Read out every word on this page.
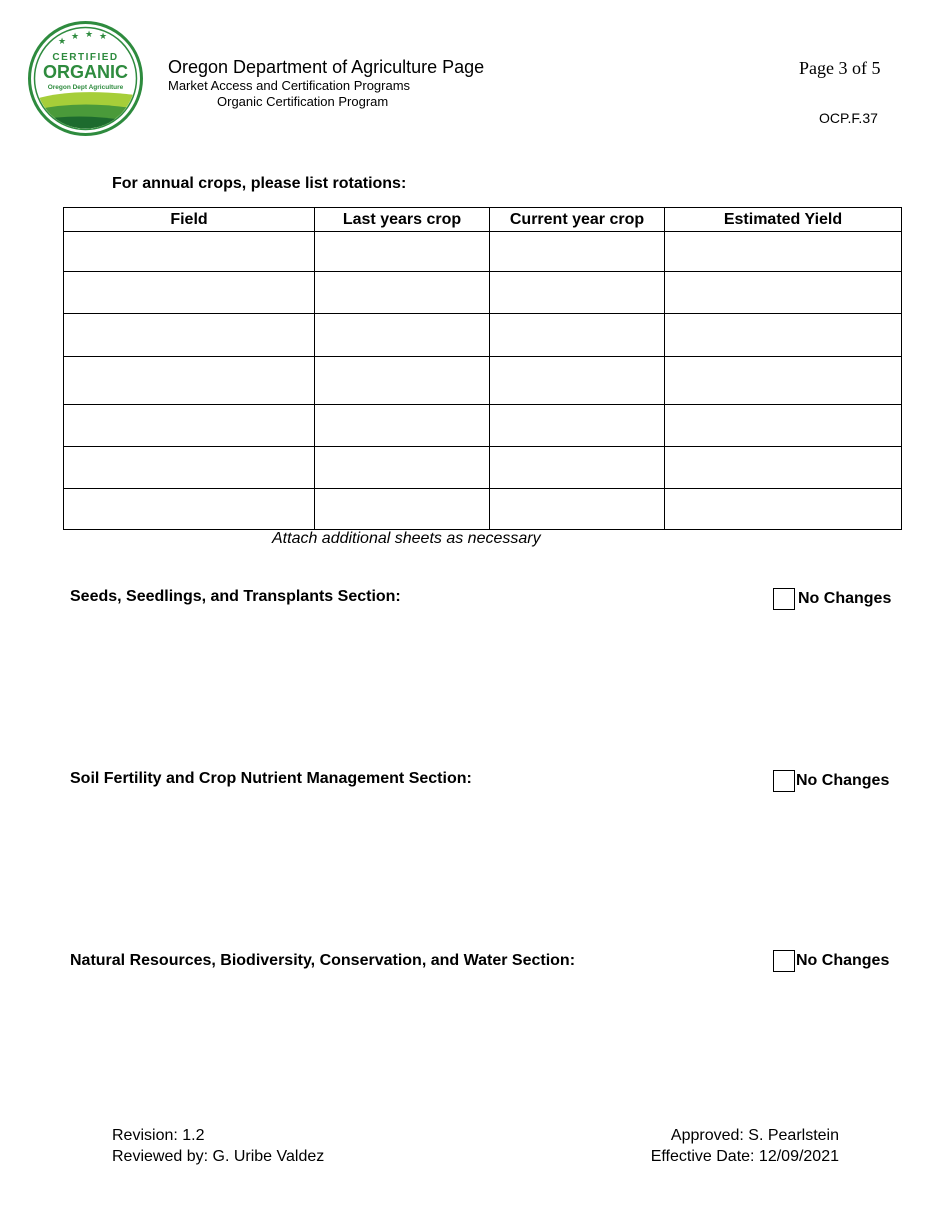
★ ★ ★ ★
CERTIFIED
ORGANIC
Oregon Dept Agriculture
Oregon Department of Agriculture Page
Market Access and Certification Programs
Organic Certification Program
Page 3 of 5
OCP.F.37
For annual crops, please list rotations:
Field	Last years crop	Current year crop	Estimated Yield

Attach additional sheets as necessary
Seeds, Seedlings, and Transplants Section:	No Changes
Soil Fertility and Crop Nutrient Management Section:	No Changes
Natural Resources, Biodiversity, Conservation, and Water Section:	No Changes
Revision: 1.2
Reviewed by: G. Uribe Valdez
Approved: S. Pearlstein
Effective Date: 12/09/2021
